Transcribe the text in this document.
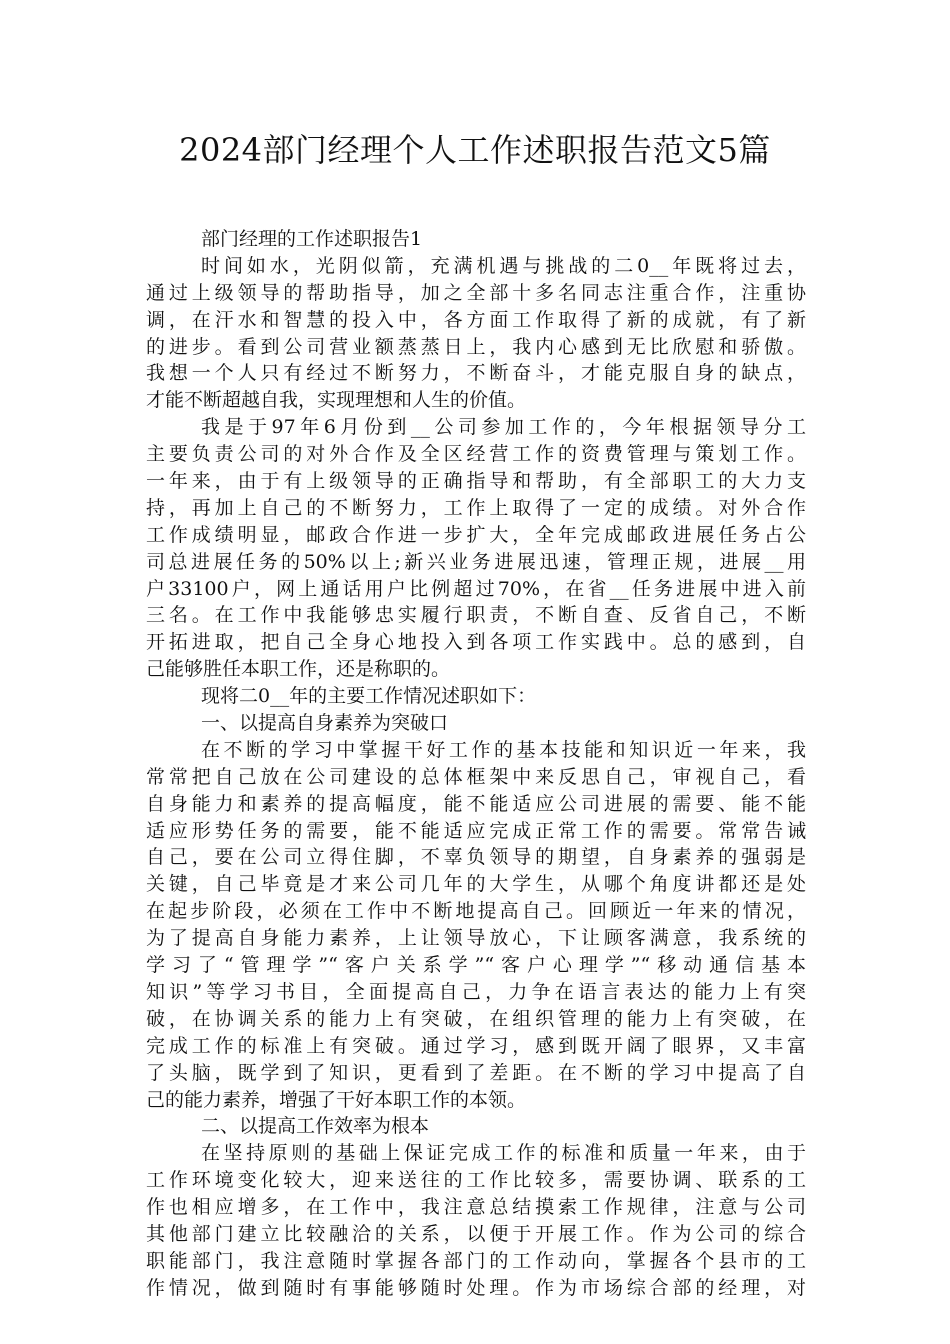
2024部门经理个人工作述职报告范文5篇
部门经理的工作述职报告1
时间如水，光阴似箭，充满机遇与挑战的二0__年既将过去，
通过上级领导的帮助指导，加之全部十多名同志注重合作，注重协
调，在汗水和智慧的投入中，各方面工作取得了新的成就，有了新
的进步。看到公司营业额蒸蒸日上，我内心感到无比欣慰和骄傲。
我想一个人只有经过不断努力，不断奋斗，才能克服自身的缺点，
才能不断超越自我，实现理想和人生的价值。
我是于97年6月份到__公司参加工作的，今年根据领导分工
主要负责公司的对外合作及全区经营工作的资费管理与策划工作。
一年来，由于有上级领导的正确指导和帮助，有全部职工的大力支
持，再加上自己的不断努力，工作上取得了一定的成绩。对外合作
工作成绩明显，邮政合作进一步扩大，全年完成邮政进展任务占公
司总进展任务的50%以上;新兴业务进展迅速，管理正规，进展__用
户33100户，网上通话用户比例超过70%，在省__任务进展中进入前
三名。在工作中我能够忠实履行职责，不断自查、反省自己，不断
开拓进取，把自己全身心地投入到各项工作实践中。总的感到，自
己能够胜任本职工作，还是称职的。
现将二0__年的主要工作情况述职如下：
一、以提高自身素养为突破口
在不断的学习中掌握干好工作的基本技能和知识近一年来，我
常常把自己放在公司建设的总体框架中来反思自己，审视自己，看
自身能力和素养的提高幅度，能不能适应公司进展的需要、能不能
适应形势任务的需要，能不能适应完成正常工作的需要。常常告诫
自己，要在公司立得住脚，不辜负领导的期望，自身素养的强弱是
关键，自己毕竟是才来公司几年的大学生，从哪个角度讲都还是处
在起步阶段，必须在工作中不断地提高自己。回顾近一年来的情况，
为了提高自身能力素养，上让领导放心，下让顾客满意，我系统的
学习了“管理学”“客户关系学”“客户心理学”“移动通信基本
知识”等学习书目，全面提高自己，力争在语言表达的能力上有突
破，在协调关系的能力上有突破，在组织管理的能力上有突破，在
完成工作的标准上有突破。通过学习，感到既开阔了眼界，又丰富
了头脑，既学到了知识，更看到了差距。在不断的学习中提高了自
己的能力素养，增强了干好本职工作的本领。
二、以提高工作效率为根本
在坚持原则的基础上保证完成工作的标准和质量一年来，由于
工作环境变化较大，迎来送往的工作比较多，需要协调、联系的工
作也相应增多，在工作中，我注意总结摸索工作规律，注意与公司
其他部门建立比较融洽的关系，以便于开展工作。作为公司的综合
职能部门，我注意随时掌握各部门的工作动向，掌握各个县市的工
作情况，做到随时有事能够随时处理。作为市场综合部的经理，对
